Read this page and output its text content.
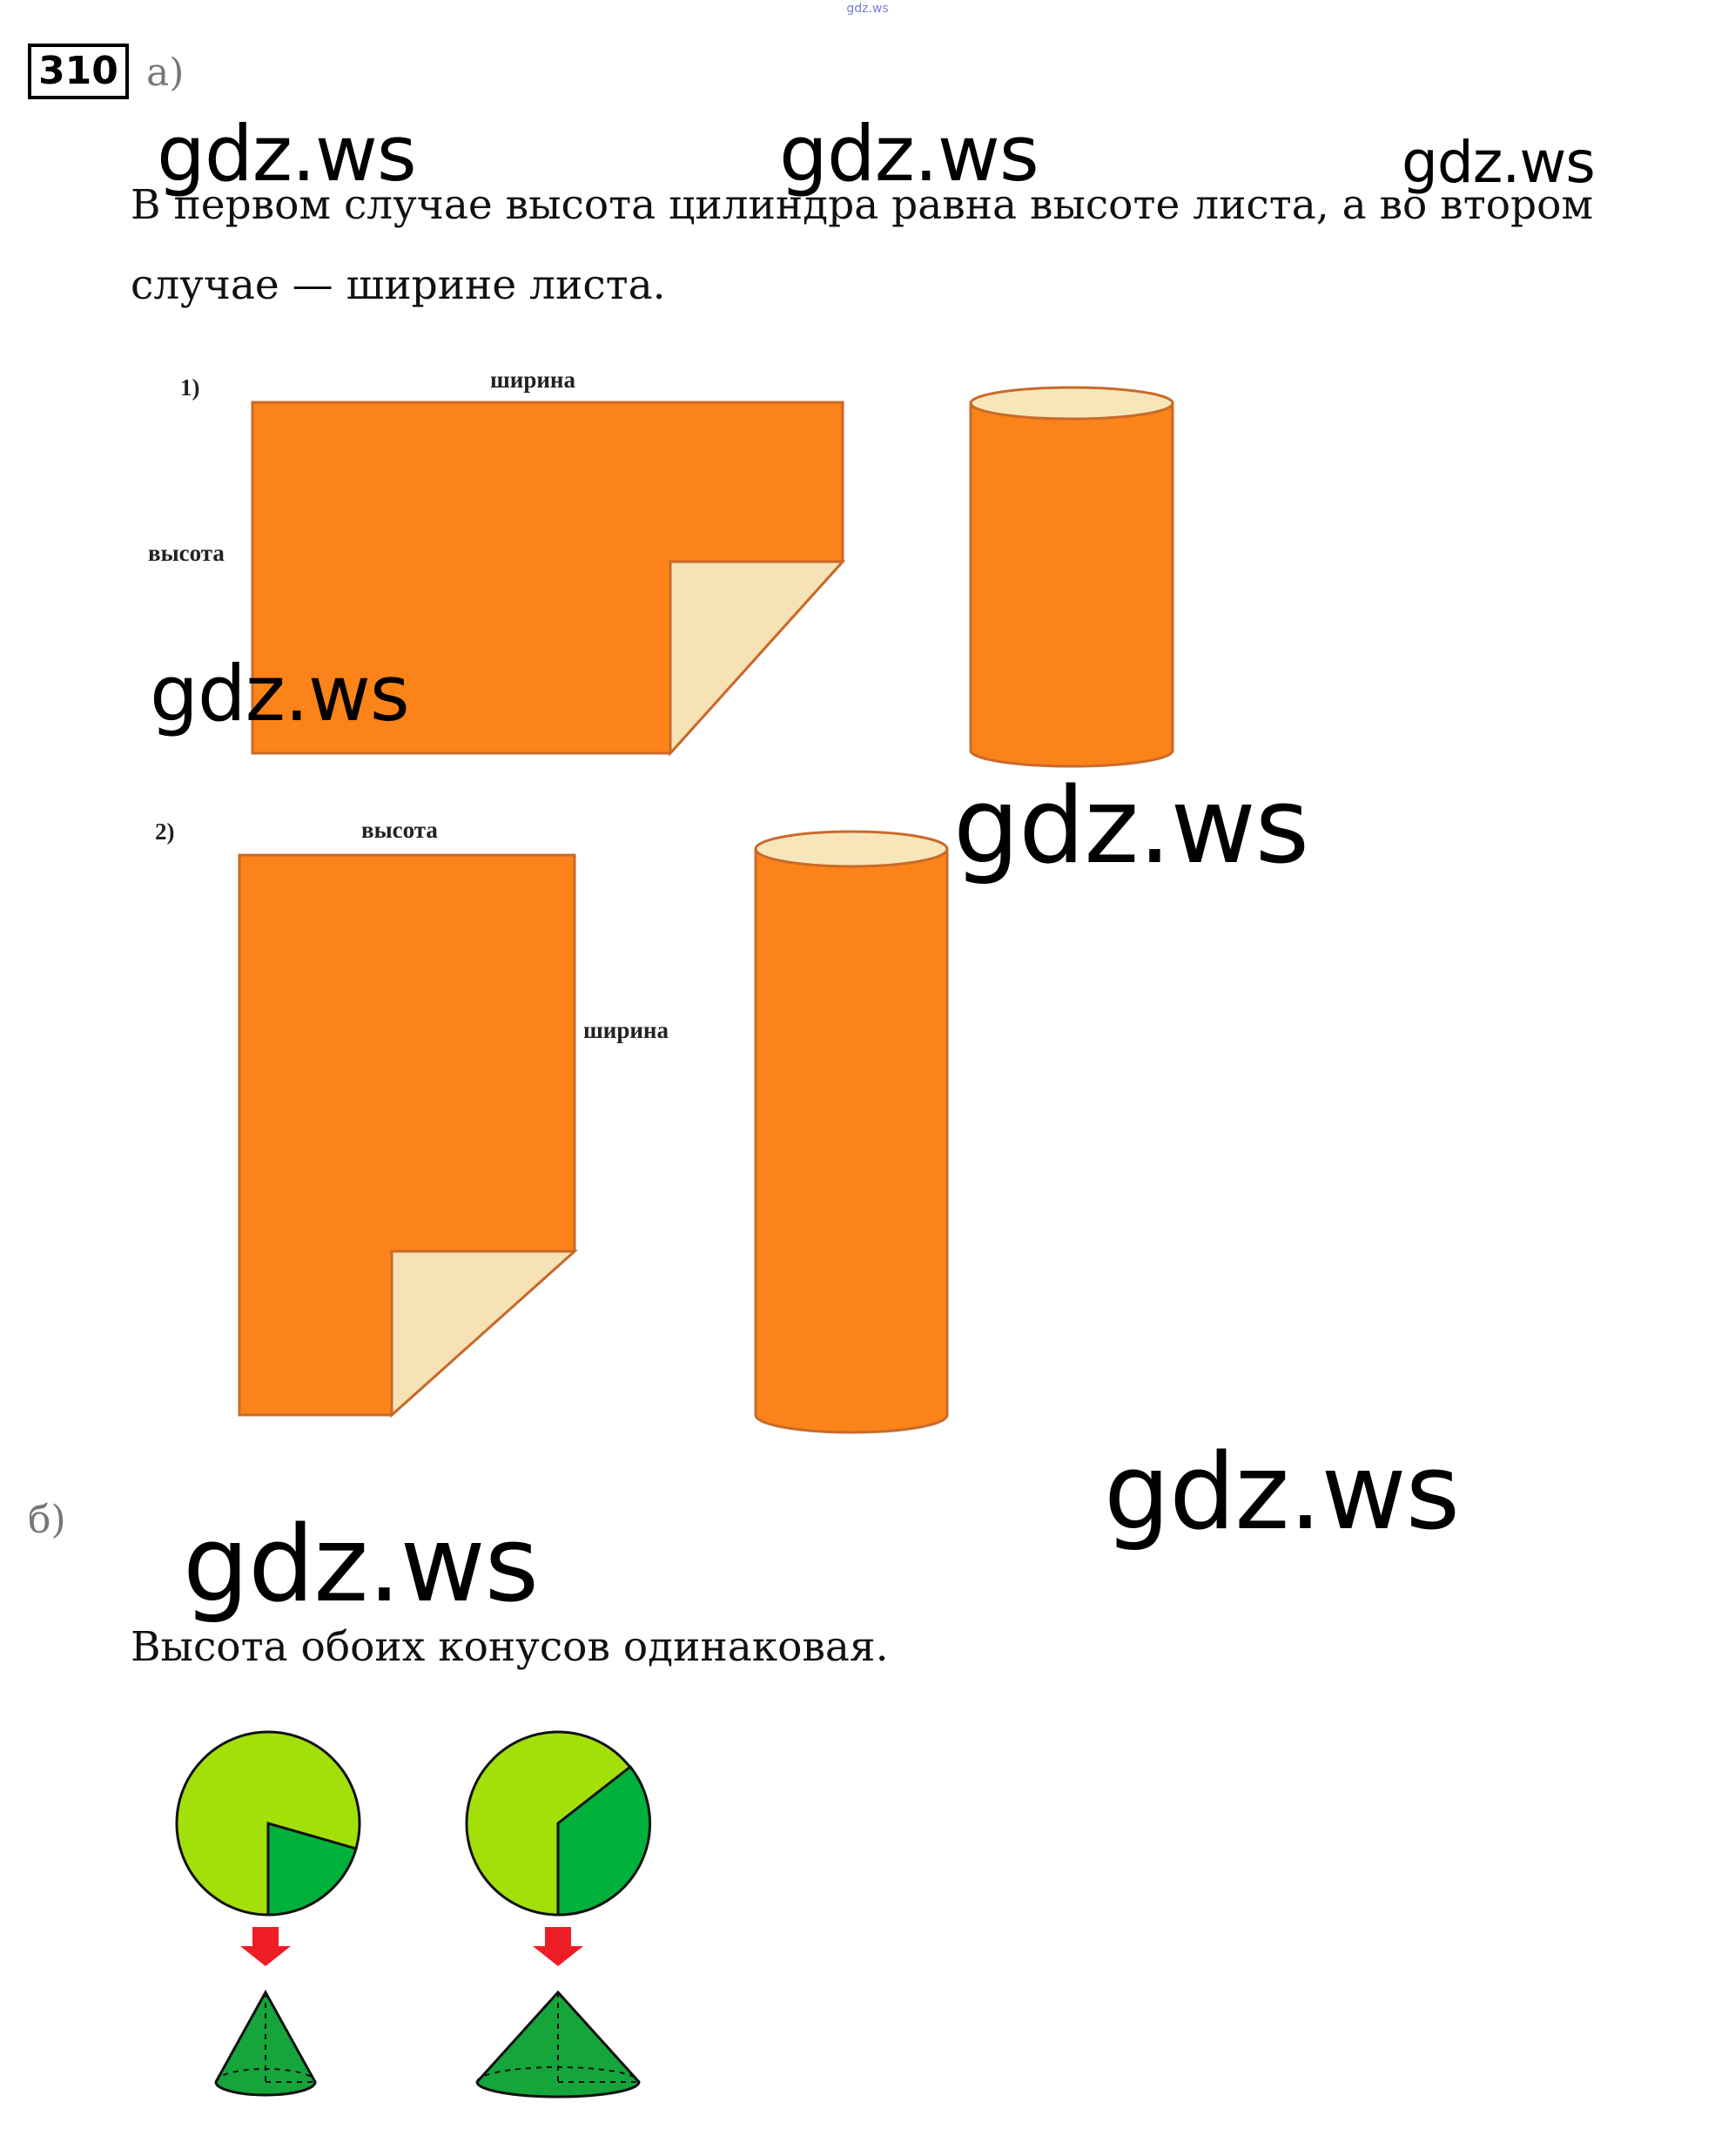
gdz.ws
310 а)
В первом случае высота цилиндра равна высоте листа, а во втором случае — ширине листа.
1)	ширина
высота
2)	высота
ширина
б)
Высота обоих конусов одинаковая.
gdz.ws	gdz.ws	gdz.ws
gdz.ws
gdz.ws
gdz.ws
gdz.ws
